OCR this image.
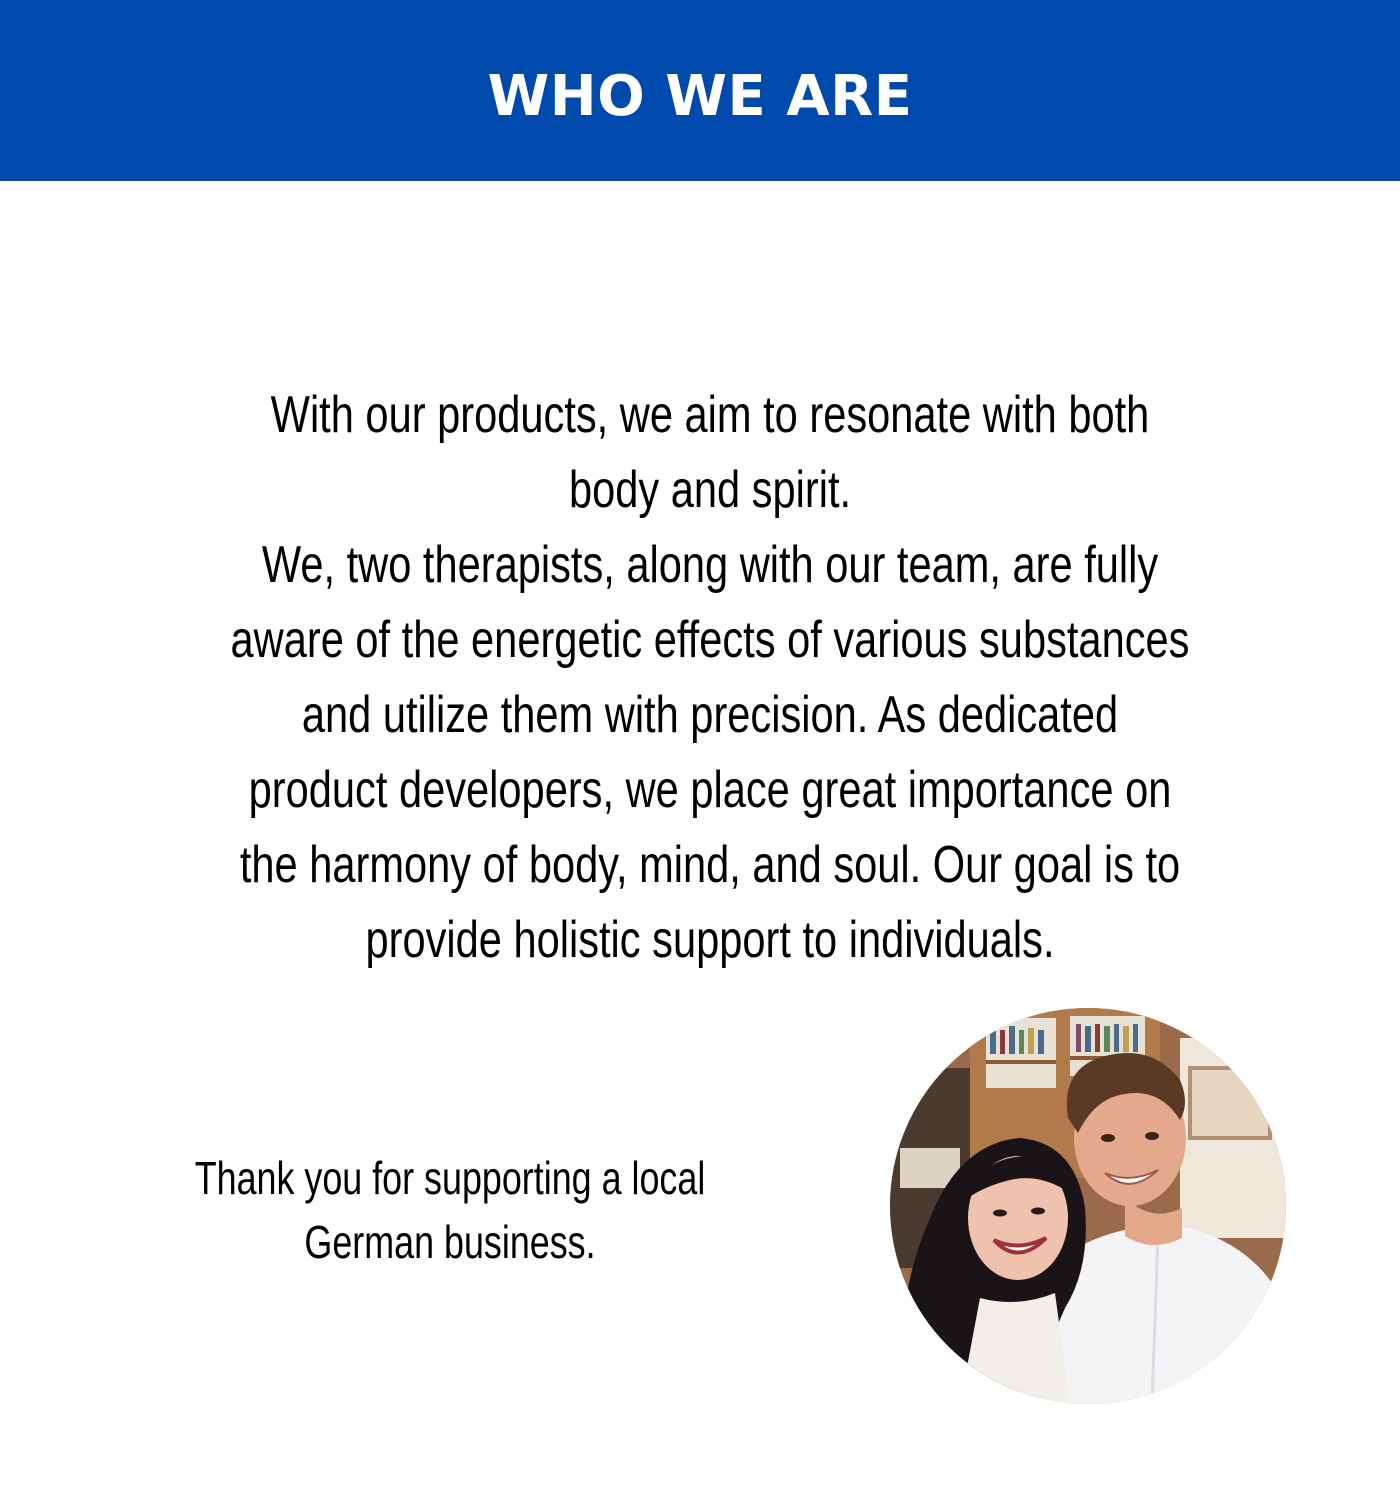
WHO WE ARE

With our products, we aim to resonate with both body and spirit.

We, two therapists, along with our team, are fully aware of the energetic effects of various substances and utilize them with precision. As dedicated product developers, we place great importance on the harmony of body, mind, and soul. Our goal is to provide holistic support to individuals.

Thank you for supporting a local German business.
